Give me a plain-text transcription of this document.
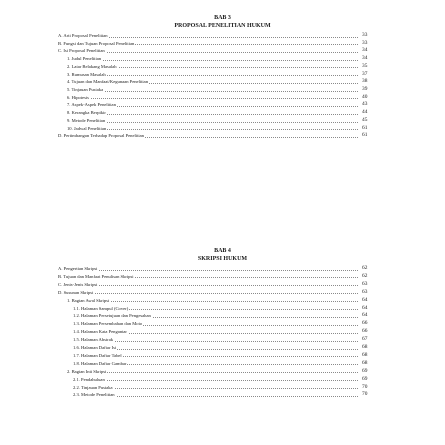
BAB 3
PROPOSAL PENELITIAN HUKUM
A. Arti Proposal Penelitian	33
B. Fungsi dan Tujuan Proposal Penelitian	33
C. Isi Proposal Penelitian	34
1. Judul Penelitian	34
2. Latar Belakang Masalah	35
3. Rumusan Masalah	37
4. Tujuan dan Manfaat/Kegunaan Penelitian	38
5. Tinjauan Pustaka	39
6. Hipotesis	40
7. Aspek-Aspek Penelitian	43
8. Kerangka Berpikir	44
9. Metode Penelitian	45
10. Jadwal Penelitian	61
D. Pertimbangan Terhadap Proposal Penelitian	61
BAB 4
SKRIPSI HUKUM
A. Pengertian Skripsi	62
B. Tujuan dan Manfaat Penulisan Skripsi	62
C. Jenis-Jenis Skripsi	63
D. Susunan Skripsi	63
1. Bagian Awal Skripsi	64
1.1. Halaman Sampul (Cover)	64
1.2. Halaman Persetujuan dan Pengesahan	64
1.3. Halaman Persembahan dan Moto	66
1.4. Halaman Kata Pengantar	66
1.5. Halaman Abstrak	67
1.6. Halaman Daftar Isi	68
1.7. Halaman Daftar Tabel	68
1.8. Halaman Daftar Gambar	68
2. Bagian Inti Skripsi	69
2.1. Pendahuluan	69
2.2. Tinjauan Pustaka	70
2.3. Metode Penelitian	70
